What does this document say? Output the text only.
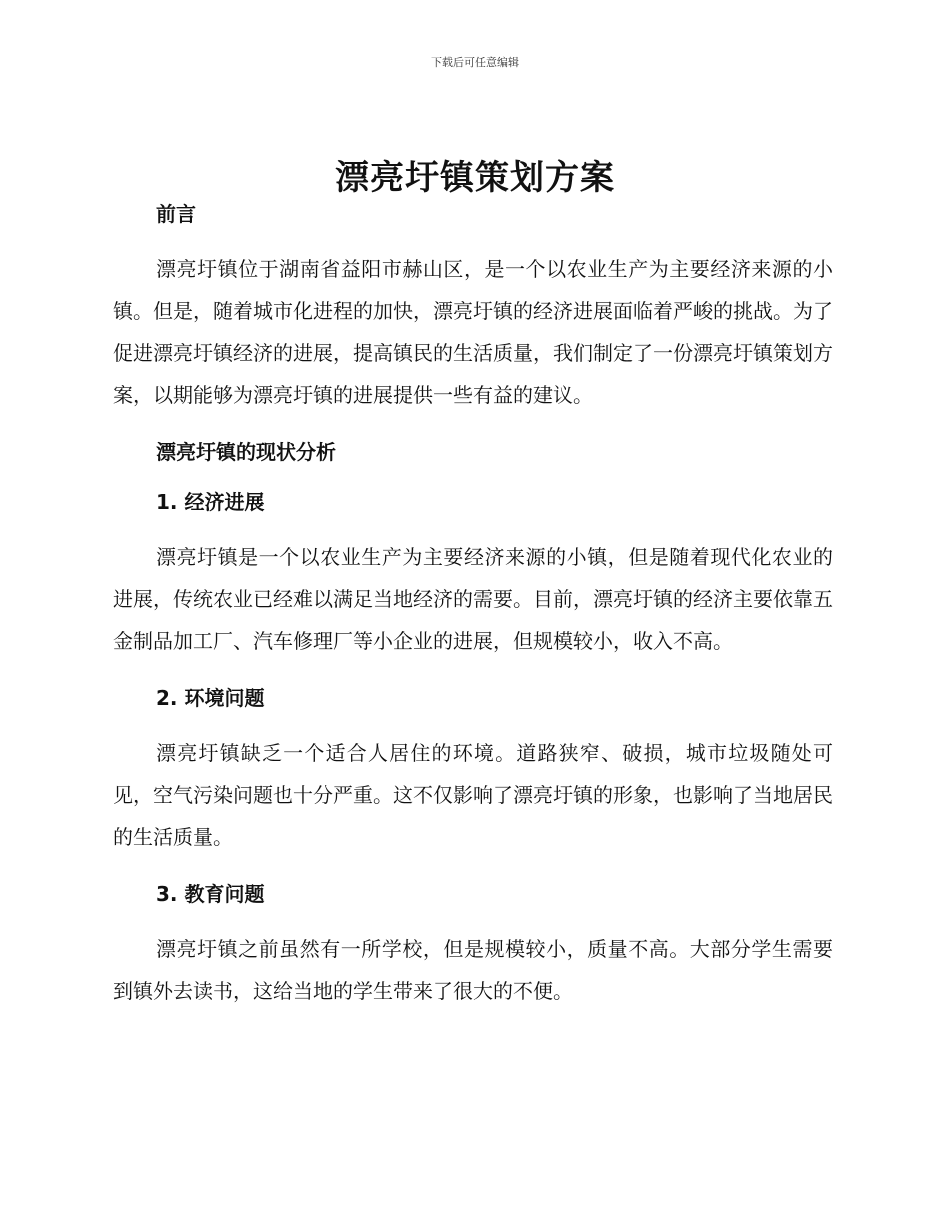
下载后可任意编辑
漂亮圩镇策划方案
前言

漂亮圩镇位于湖南省益阳市赫山区，是一个以农业生产为主要经济来源的小镇。但是，随着城市化进程的加快，漂亮圩镇的经济进展面临着严峻的挑战。为了促进漂亮圩镇经济的进展，提高镇民的生活质量，我们制定了一份漂亮圩镇策划方案，以期能够为漂亮圩镇的进展提供一些有益的建议。

漂亮圩镇的现状分析
1. 经济进展

漂亮圩镇是一个以农业生产为主要经济来源的小镇，但是随着现代化农业的进展，传统农业已经难以满足当地经济的需要。目前，漂亮圩镇的经济主要依靠五金制品加工厂、汽车修理厂等小企业的进展，但规模较小，收入不高。

2. 环境问题

漂亮圩镇缺乏一个适合人居住的环境。道路狭窄、破损，城市垃圾随处可见，空气污染问题也十分严重。这不仅影响了漂亮圩镇的形象，也影响了当地居民的生活质量。

3. 教育问题

漂亮圩镇之前虽然有一所学校，但是规模较小，质量不高。大部分学生需要到镇外去读书，这给当地的学生带来了很大的不便。
